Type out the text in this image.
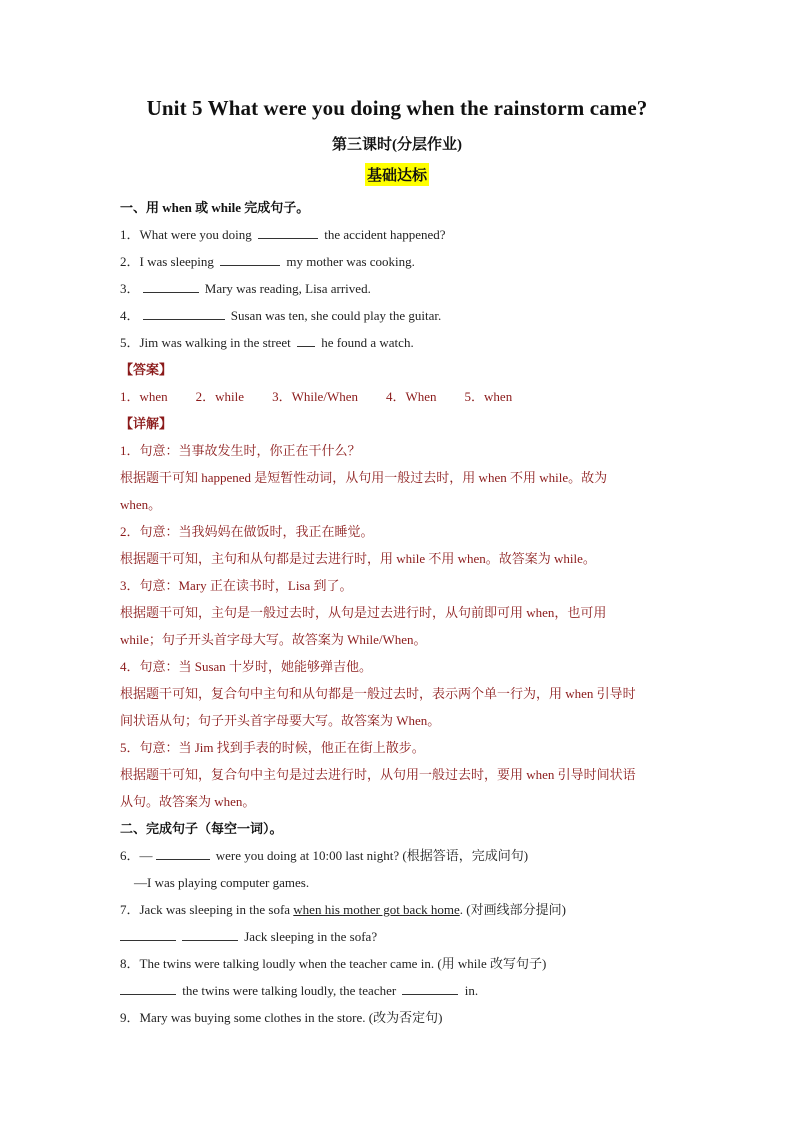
Unit 5 What were you doing when the rainstorm came?
第三课时(分层作业)
基础达标
一、用 when 或 while 完成句子。
1．What were you doing	the accident happened?
2．I was sleeping	my mother was cooking.
3．	Mary was reading, Lisa arrived.
4．	Susan was ten, she could play the guitar.
5．Jim was walking in the street  he found a watch.
【答案】
1．when 2．while 3．While/When 4．When 5．when
【详解】
1．句意：当事故发生时，你正在干什么？
根据题干可知 happened 是短暂性动词，从句用一般过去时，用 when 不用 while。故为
when。
2．句意：当我妈妈在做饭时，我正在睡觉。
根据题干可知，主句和从句都是过去进行时，用 while 不用 when。故答案为 while。
3．句意：Mary 正在读书时，Lisa 到了。
根据题干可知，主句是一般过去时，从句是过去进行时，从句前即可用 when，也可用
while；句子开头首字母大写。故答案为 While/When。
4．句意：当 Susan 十岁时，她能够弹吉他。
根据题干可知，复合句中主句和从句都是一般过去时，表示两个单一行为，用 when 引导时
间状语从句；句子开头首字母要大写。故答案为 When。
5．句意：当 Jim 找到手表的时候，他正在街上散步。
根据题干可知，复合句中主句是过去进行时，从句用一般过去时，要用 when 引导时间状语
从句。故答案为 when。
二、完成句子（每空一词）。
6．—	were you doing at 10:00 last night? (根据答语，完成问句)
—I was playing computer games.
7．Jack was sleeping in the sofa when his mother got back home. (对画线部分提问)
Jack sleeping in the sofa?
8．The twins were talking loudly when the teacher came in. (用 while 改写句子)
the twins were talking loudly, the teacher	in.
9．Mary was buying some clothes in the store. (改为否定句)
